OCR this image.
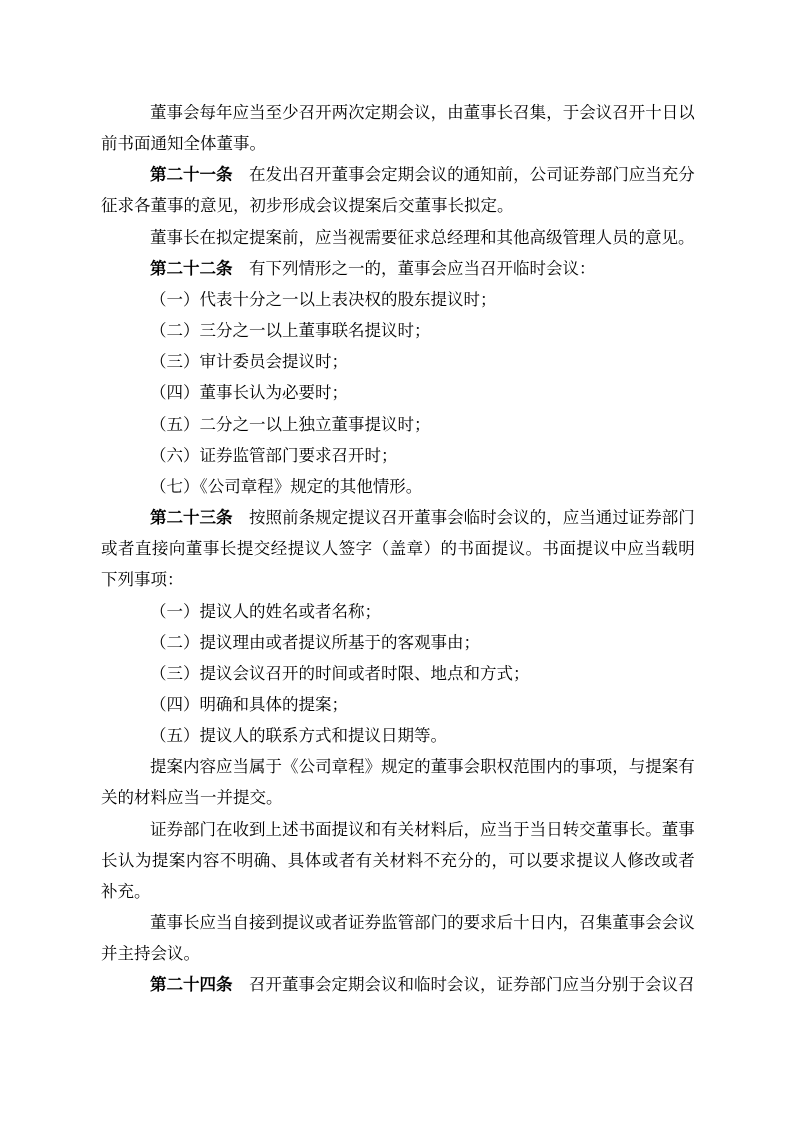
董事会每年应当至少召开两次定期会议，由董事长召集，于会议召开十日以前书面通知全体董事。

第二十一条 在发出召开董事会定期会议的通知前，公司证券部门应当充分征求各董事的意见，初步形成会议提案后交董事长拟定。

董事长在拟定提案前，应当视需要征求总经理和其他高级管理人员的意见。

第二十二条 有下列情形之一的，董事会应当召开临时会议：

（一）代表十分之一以上表决权的股东提议时；

（二）三分之一以上董事联名提议时；

（三）审计委员会提议时；

（四）董事长认为必要时；

（五）二分之一以上独立董事提议时；

（六）证券监管部门要求召开时；

（七）《公司章程》规定的其他情形。

第二十三条 按照前条规定提议召开董事会临时会议的，应当通过证券部门或者直接向董事长提交经提议人签字（盖章）的书面提议。书面提议中应当载明下列事项：

（一）提议人的姓名或者名称；

（二）提议理由或者提议所基于的客观事由；

（三）提议会议召开的时间或者时限、地点和方式；

（四）明确和具体的提案；

（五）提议人的联系方式和提议日期等。

提案内容应当属于《公司章程》规定的董事会职权范围内的事项，与提案有关的材料应当一并提交。

证券部门在收到上述书面提议和有关材料后，应当于当日转交董事长。董事长认为提案内容不明确、具体或者有关材料不充分的，可以要求提议人修改或者补充。

董事长应当自接到提议或者证券监管部门的要求后十日内，召集董事会会议并主持会议。

第二十四条 召开董事会定期会议和临时会议，证券部门应当分别于会议召
